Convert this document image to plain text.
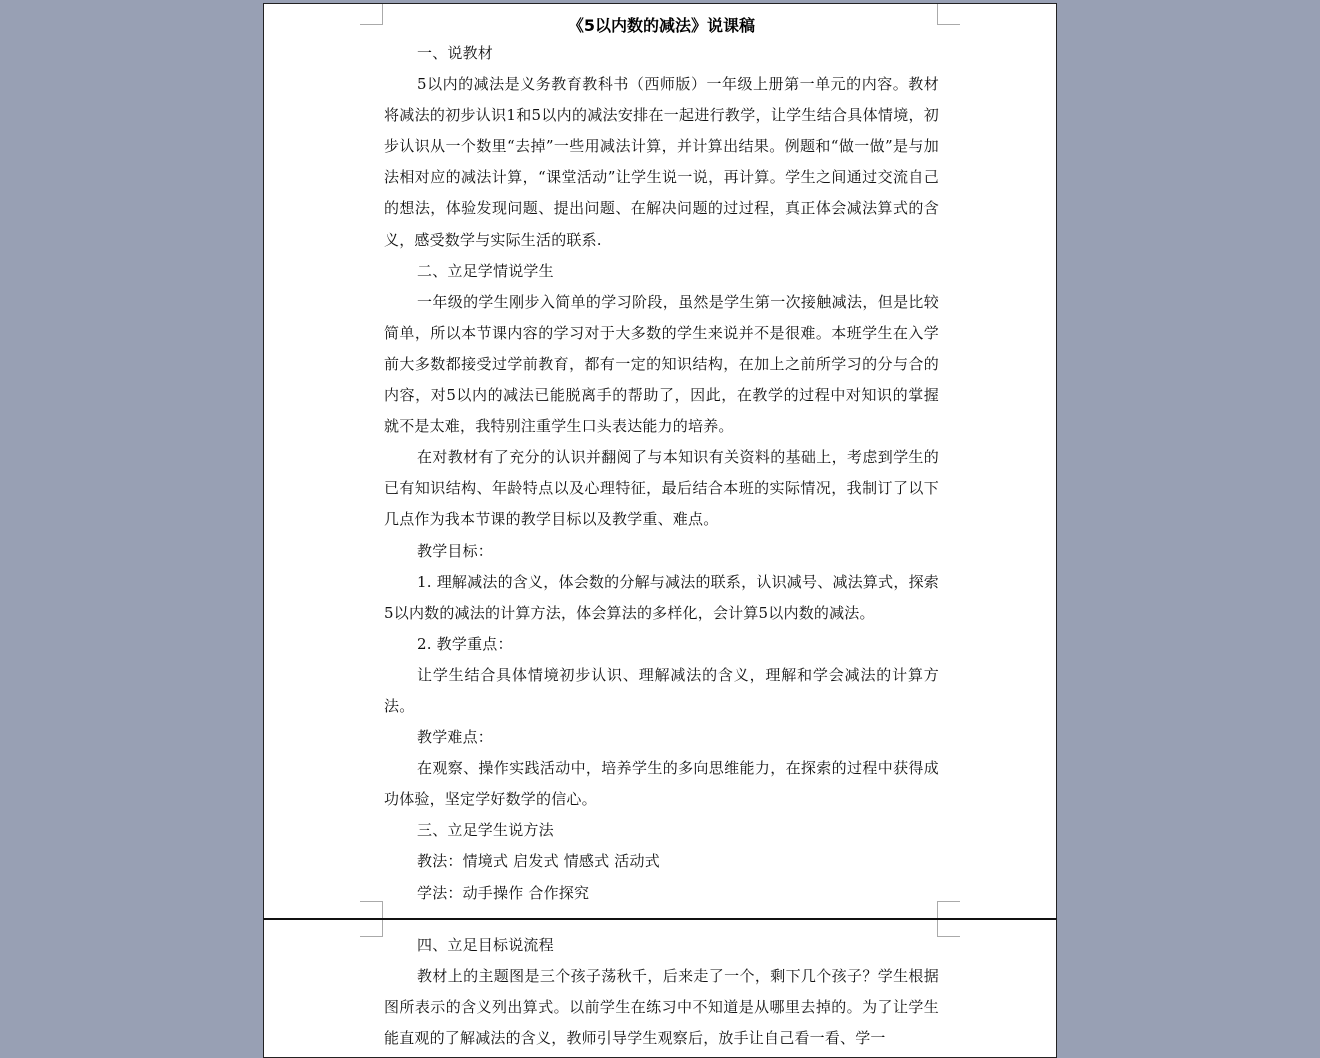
《5以内数的减法》说课稿

一、说教材

5以内的减法是义务教育教科书（西师版）一年级上册第一单元的内容。教材将减法的初步认识1和5以内的减法安排在一起进行教学，让学生结合具体情境，初步认识从一个数里“去掉”一些用减法计算，并计算出结果。例题和“做一做”是与加法相对应的减法计算，“课堂活动”让学生说一说，再计算。学生之间通过交流自己的想法，体验发现问题、提出问题、在解决问题的过过程，真正体会减法算式的含义，感受数学与实际生活的联系.

二、立足学情说学生

一年级的学生刚步入简单的学习阶段，虽然是学生第一次接触减法，但是比较简单，所以本节课内容的学习对于大多数的学生来说并不是很难。本班学生在入学前大多数都接受过学前教育，都有一定的知识结构，在加上之前所学习的分与合的内容，对5以内的减法已能脱离手的帮助了，因此，在教学的过程中对知识的掌握就不是太难，我特别注重学生口头表达能力的培养。

在对教材有了充分的认识并翻阅了与本知识有关资料的基础上，考虑到学生的已有知识结构、年龄特点以及心理特征，最后结合本班的实际情况，我制订了以下几点作为我本节课的教学目标以及教学重、难点。

教学目标：

1. 理解减法的含义，体会数的分解与减法的联系，认识减号、减法算式，探索5以内数的减法的计算方法，体会算法的多样化，会计算5以内数的减法。

2. 教学重点：

让学生结合具体情境初步认识、理解减法的含义，理解和学会减法的计算方法。

教学难点：

在观察、操作实践活动中，培养学生的多向思维能力，在探索的过程中获得成功体验，坚定学好数学的信心。

三、立足学生说方法

教法：情境式 启发式 情感式 活动式

学法：动手操作 合作探究

四、立足目标说流程

教材上的主题图是三个孩子荡秋千，后来走了一个，剩下几个孩子？学生根据图所表示的含义列出算式。以前学生在练习中不知道是从哪里去掉的。为了让学生能直观的了解减法的含义，教师引导学生观察后，放手让自己看一看、学一
